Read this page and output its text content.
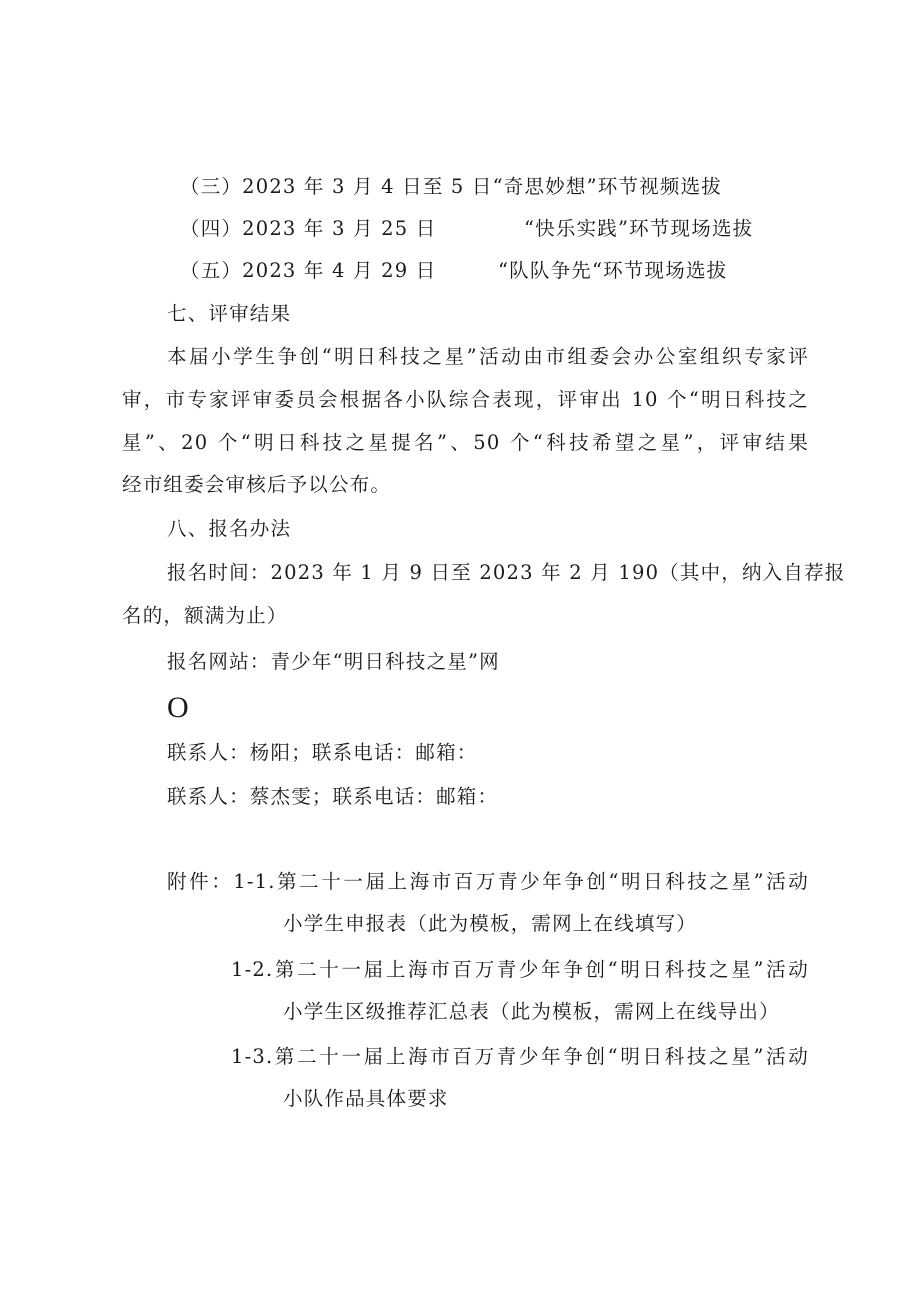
（三）2023 年 3 月 4 日至 5 日“奇思妙想”环节视频选拔
（四）2023 年 3 月 25 日	“快乐实践”环节现场选拔
（五）2023 年 4 月 29 日	“队队争先“环节现场选拔
七、评审结果
本届小学生争创“明日科技之星”活动由市组委会办公室组织专家评
审，市专家评审委员会根据各小队综合表现，评审出 10 个“明日科技之
星”、20 个“明日科技之星提名”、50 个“科技希望之星”，评审结果
经市组委会审核后予以公布。
八、报名办法
报名时间：2023 年 1 月 9 日至 2023 年 2 月 190（其中，纳入自荐报
名的，额满为止）
报名网站：青少年“明日科技之星”网
O
联系人：杨阳；联系电话：邮箱：
联系人：蔡杰雯；联系电话：邮箱：
附件：1-1.第二十一届上海市百万青少年争创“明日科技之星”活动
小学生申报表（此为模板，需网上在线填写）
1-2.第二十一届上海市百万青少年争创“明日科技之星”活动
小学生区级推荐汇总表（此为模板，需网上在线导出）
1-3.第二十一届上海市百万青少年争创“明日科技之星”活动
小队作品具体要求
